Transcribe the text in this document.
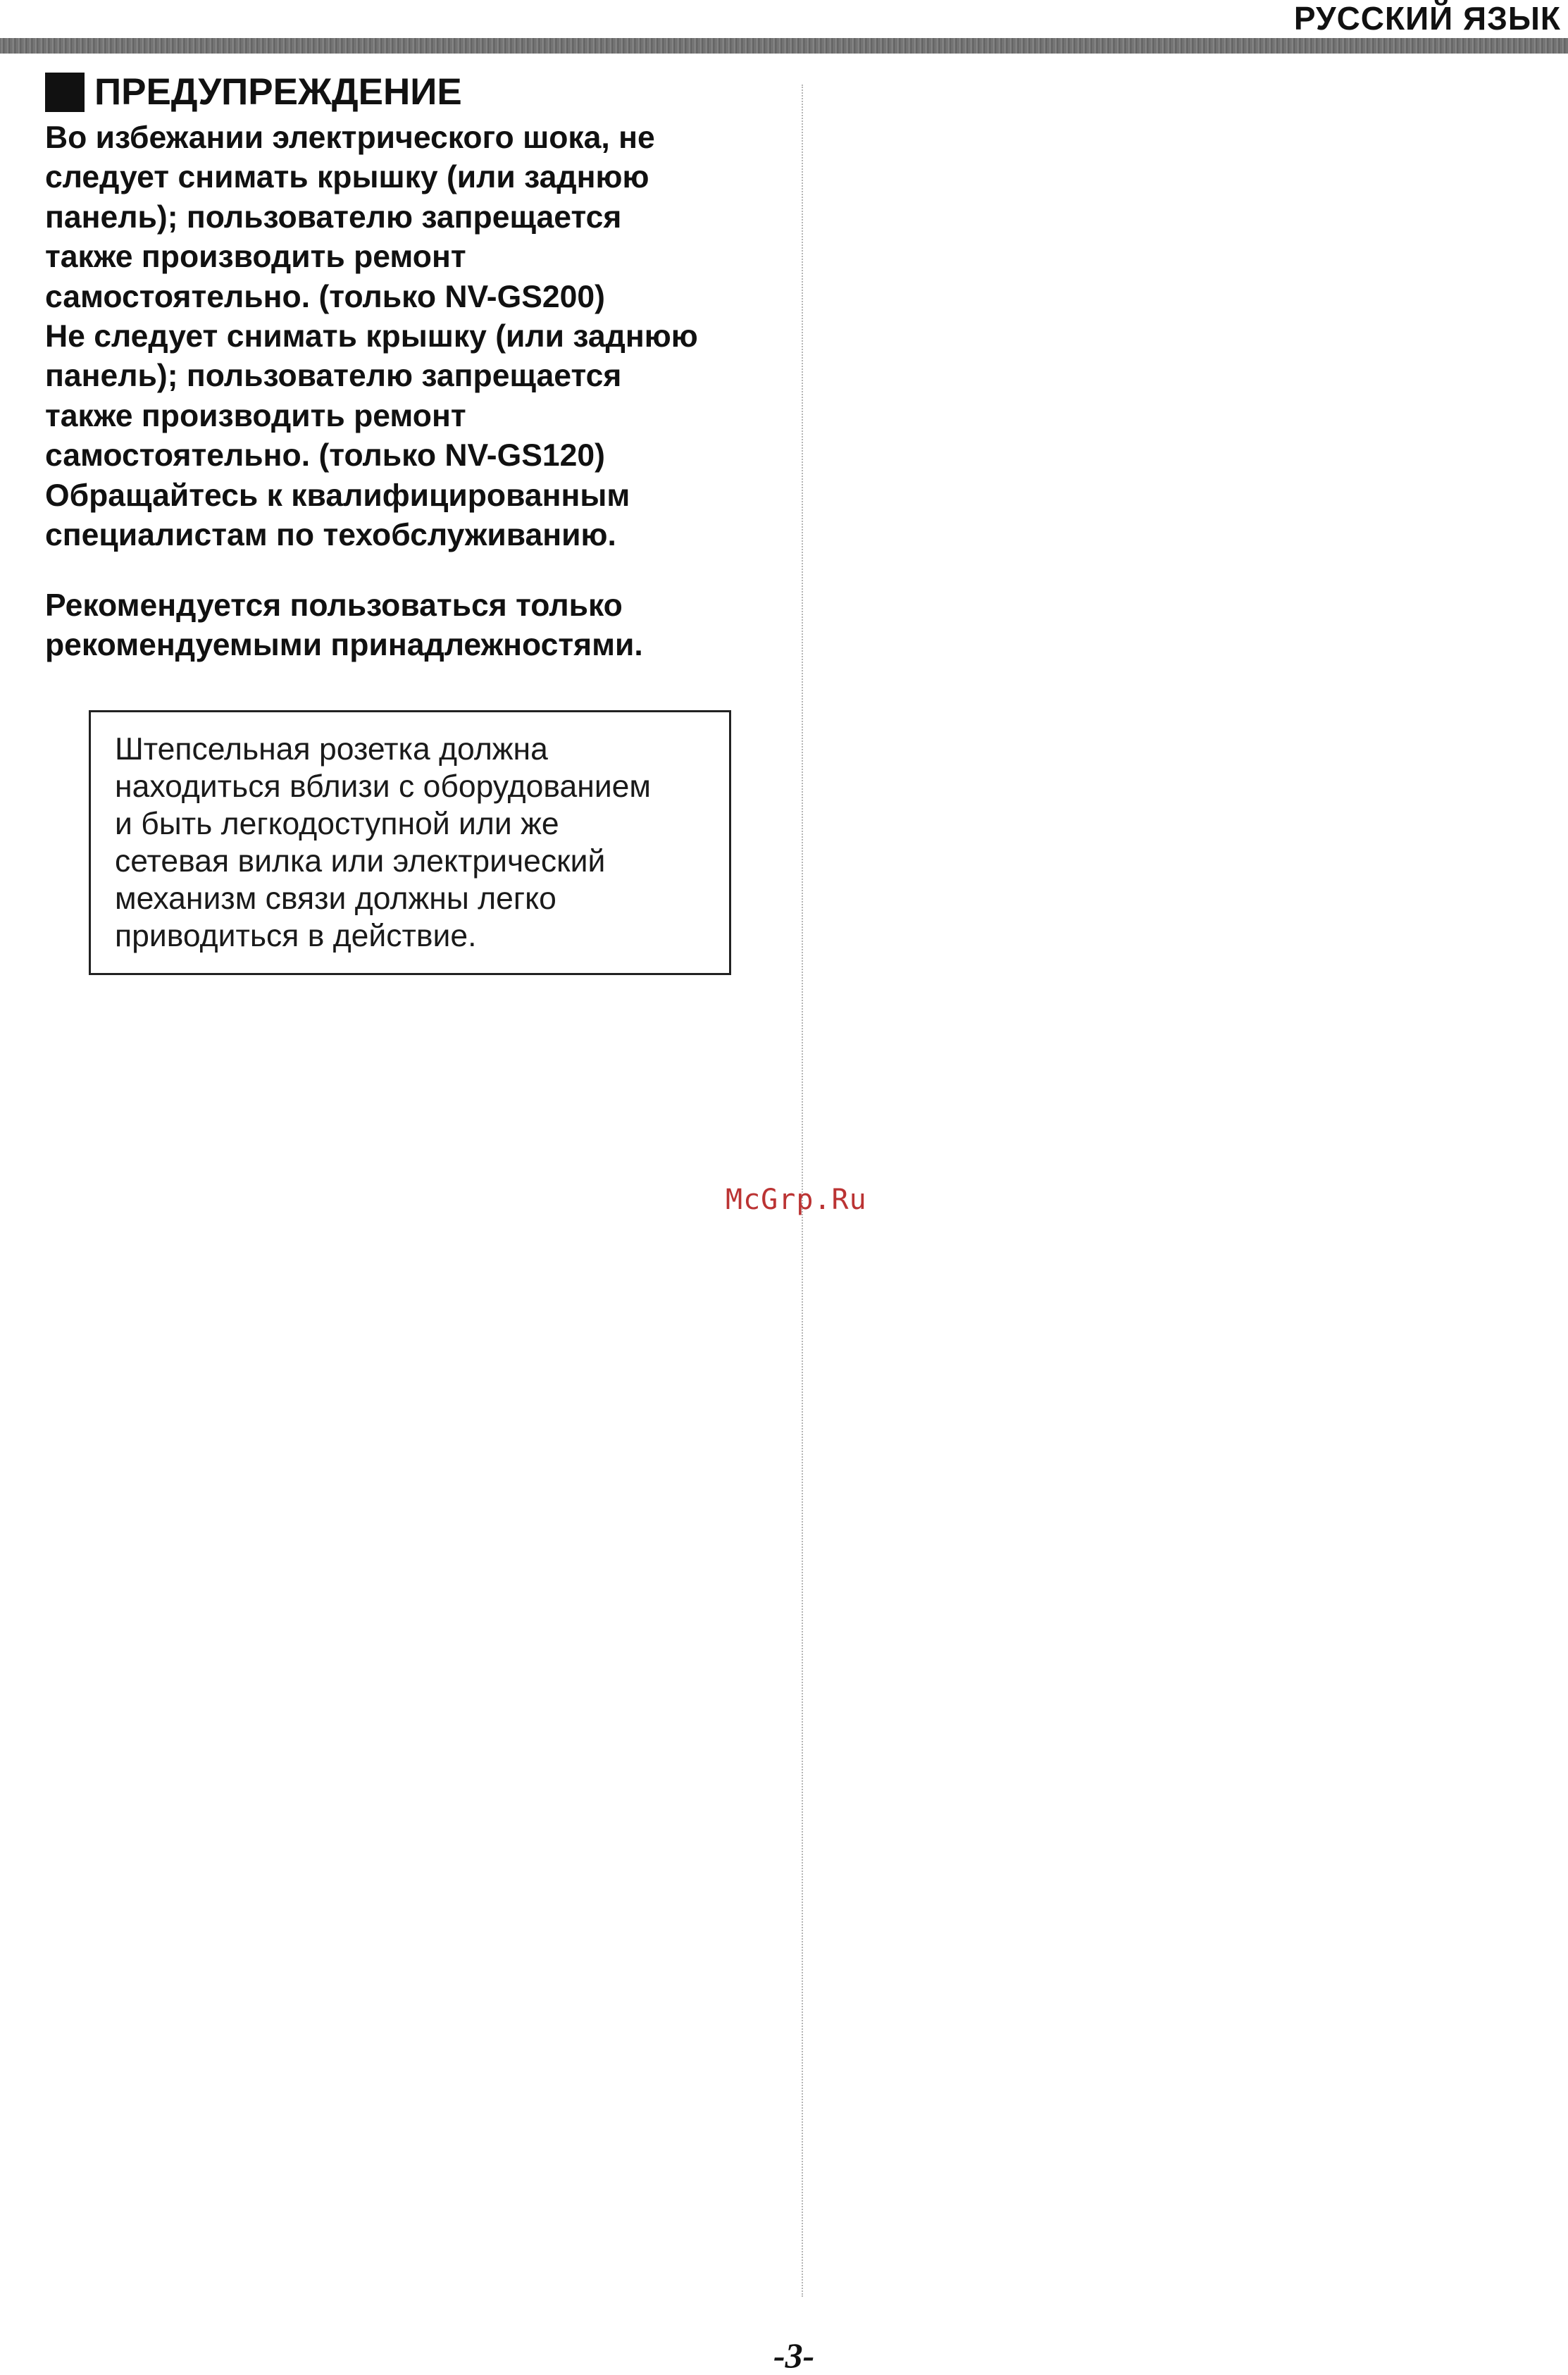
РУССКИЙ ЯЗЫК
ПРЕДУПРЕЖДЕНИЕ
Во избежании электрического шока, не
следует снимать крышку (или заднюю
панель); пользователю запрещается
также производить ремонт
самостоятельно. (только NV-GS200)
Не следует снимать крышку (или заднюю
панель); пользователю запрещается
также производить ремонт
самостоятельно. (только NV-GS120)
Обращайтесь к квалифицированным
специалистам по техобслуживанию.
Рекомендуется пользоваться только
рекомендуемыми принадлежностями.
Штепсельная розетка должна
находиться вблизи с оборудованием
и быть легкодоступной или же
сетевая вилка или электрический
механизм связи должны легко
приводиться в действие.
McGrp.Ru
-3-
